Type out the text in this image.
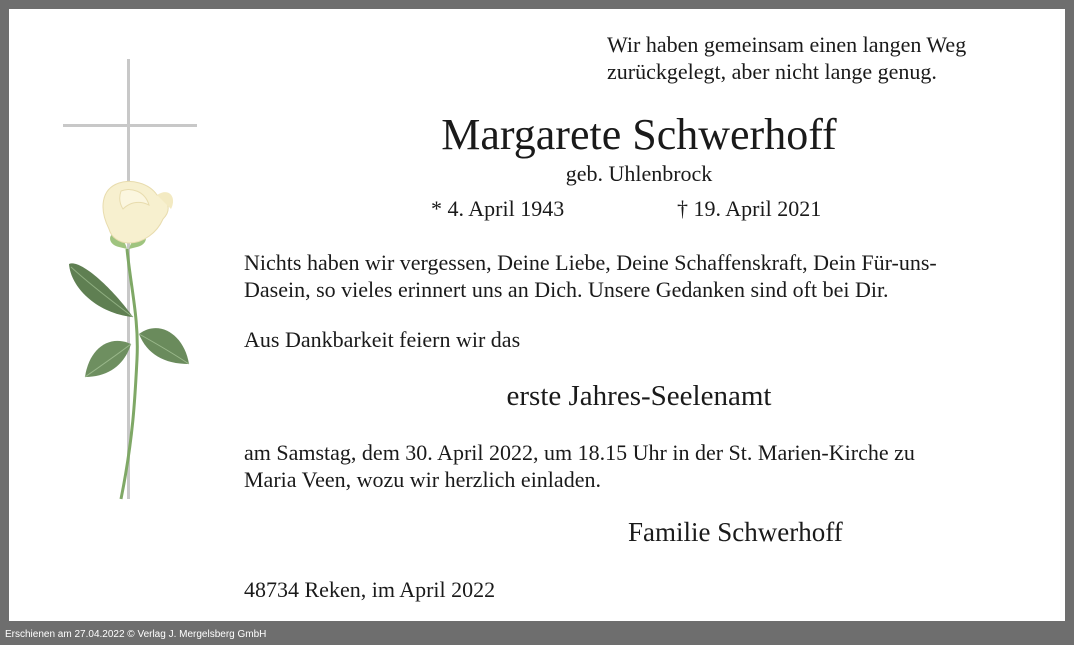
Wir haben gemeinsam einen langen Weg
zurückgelegt, aber nicht lange genug.

Margarete Schwerhoff

geb. Uhlenbrock

* 4. April 1943	† 19. April 2021

Nichts haben wir vergessen, Deine Liebe, Deine Schaffenskraft, Dein Für-uns-
Dasein, so vieles erinnert uns an Dich. Unsere Gedanken sind oft bei Dir.

Aus Dankbarkeit feiern wir das

erste Jahres-Seelenamt

am Samstag, dem 30. April 2022, um 18.15 Uhr in der St. Marien-Kirche zu
Maria Veen, wozu wir herzlich einladen.

Familie Schwerhoff

48734 Reken, im April 2022

Erschienen am 27.04.2022 © Verlag J. Mergelsberg GmbH
